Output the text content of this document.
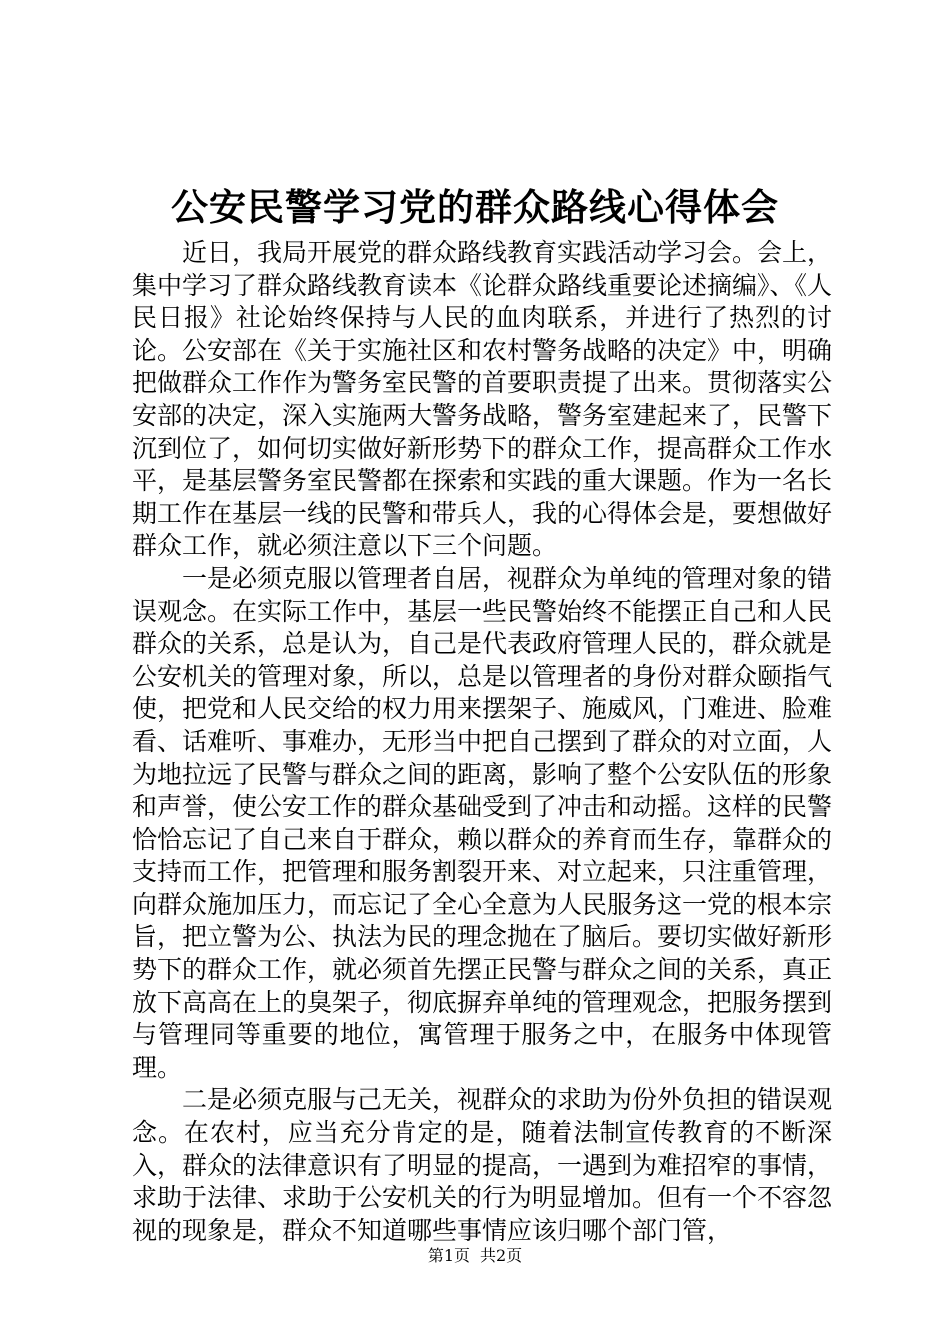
公安民警学习党的群众路线心得体会

近日，我局开展党的群众路线教育实践活动学习会。会上，集中学习了群众路线教育读本《论群众路线重要论述摘编》、《人民日报》社论始终保持与人民的血肉联系，并进行了热烈的讨论。公安部在《关于实施社区和农村警务战略的决定》中，明确把做群众工作作为警务室民警的首要职责提了出来。贯彻落实公安部的决定，深入实施两大警务战略，警务室建起来了，民警下沉到位了，如何切实做好新形势下的群众工作，提高群众工作水平，是基层警务室民警都在探索和实践的重大课题。作为一名长期工作在基层一线的民警和带兵人，我的心得体会是，要想做好群众工作，就必须注意以下三个问题。

一是必须克服以管理者自居，视群众为单纯的管理对象的错误观念。在实际工作中，基层一些民警始终不能摆正自己和人民群众的关系，总是认为，自己是代表政府管理人民的，群众就是公安机关的管理对象，所以，总是以管理者的身份对群众颐指气使，把党和人民交给的权力用来摆架子、施威风，门难进、脸难看、话难听、事难办，无形当中把自己摆到了群众的对立面，人为地拉远了民警与群众之间的距离，影响了整个公安队伍的形象和声誉，使公安工作的群众基础受到了冲击和动摇。这样的民警恰恰忘记了自己来自于群众，赖以群众的养育而生存，靠群众的支持而工作，把管理和服务割裂开来、对立起来，只注重管理，向群众施加压力，而忘记了全心全意为人民服务这一党的根本宗旨，把立警为公、执法为民的理念抛在了脑后。要切实做好新形势下的群众工作，就必须首先摆正民警与群众之间的关系，真正放下高高在上的臭架子，彻底摒弃单纯的管理观念，把服务摆到与管理同等重要的地位，寓管理于服务之中，在服务中体现管理。

二是必须克服与己无关，视群众的求助为份外负担的错误观念。在农村，应当充分肯定的是，随着法制宣传教育的不断深入，群众的法律意识有了明显的提高，一遇到为难招窄的事情，求助于法律、求助于公安机关的行为明显增加。但有一个不容忽视的现象是，群众不知道哪些事情应该归哪个部门管，

第1页 共2页
